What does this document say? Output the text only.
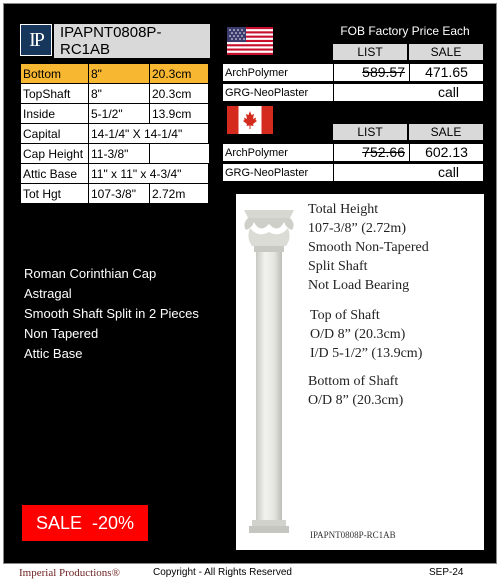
IP	IPAPNT0808P-RC1AB
Bottom	8"	20.3cm
TopShaft	8"	20.3cm
Inside	5-1/2"	13.9cm
Capital	14-1/4" X 14-1/4"	
Cap Height	11-3/8"	
Attic Base	11" x 11" x 4-3/4"	
Tot Hgt	107-3/8"	2.72m
FOB Factory Price Each
LIST	SALE
ArchPolymer	589.57	471.65
GRG-NeoPlaster	call
LIST	SALE
ArchPolymer	752.66	602.13
GRG-NeoPlaster	call
Roman Corinthian Cap
Astragal
Smooth Shaft Split in 2 Pieces
Non Tapered
Attic Base
SALE  -20%
Total Height
107-3/8” (2.72m)
Smooth Non-Tapered
Split Shaft
Not Load Bearing
Top of Shaft
O/D 8” (20.3cm)
I/D 5-1/2” (13.9cm)
Bottom of Shaft
O/D 8” (20.3cm)
IPAPNT0808P-RC1AB
Imperial Productions®	Copyright - All Rights Reserved	SEP-24
